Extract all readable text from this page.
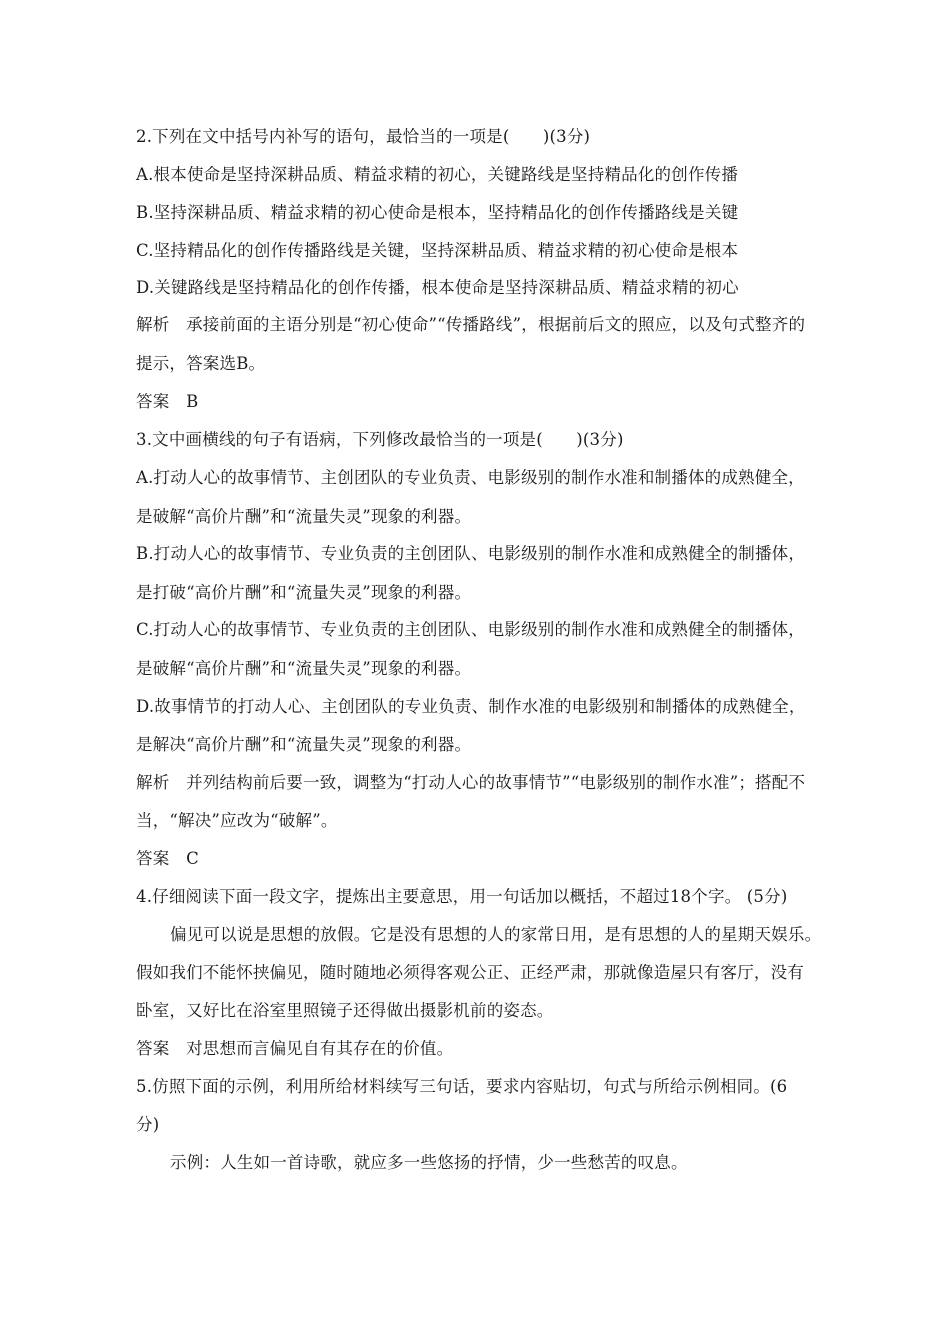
2.下列在文中括号内补写的语句，最恰当的一项是(　　)(3分)
A.根本使命是坚持深耕品质、精益求精的初心，关键路线是坚持精品化的创作传播
B.坚持深耕品质、精益求精的初心使命是根本，坚持精品化的创作传播路线是关键
C.坚持精品化的创作传播路线是关键，坚持深耕品质、精益求精的初心使命是根本
D.关键路线是坚持精品化的创作传播，根本使命是坚持深耕品质、精益求精的初心
解析　承接前面的主语分别是“初心使命”“传播路线”，根据前后文的照应，以及句式整齐的
提示，答案选B。
答案　B
3.文中画横线的句子有语病，下列修改最恰当的一项是(　　)(3分)
A.打动人心的故事情节、主创团队的专业负责、电影级别的制作水准和制播体的成熟健全，
是破解“高价片酬”和“流量失灵”现象的利器。
B.打动人心的故事情节、专业负责的主创团队、电影级别的制作水准和成熟健全的制播体，
是打破“高价片酬”和“流量失灵”现象的利器。
C.打动人心的故事情节、专业负责的主创团队、电影级别的制作水准和成熟健全的制播体，
是破解“高价片酬”和“流量失灵”现象的利器。
D.故事情节的打动人心、主创团队的专业负责、制作水准的电影级别和制播体的成熟健全，
是解决“高价片酬”和“流量失灵”现象的利器。
解析　并列结构前后要一致，调整为“打动人心的故事情节”“电影级别的制作水准”；搭配不
当，“解决”应改为“破解”。
答案　C
4.仔细阅读下面一段文字，提炼出主要意思，用一句话加以概括，不超过18个字。 (5分)
偏见可以说是思想的放假。它是没有思想的人的家常日用，是有思想的人的星期天娱乐。
假如我们不能怀挟偏见，随时随地必须得客观公正、正经严肃，那就像造屋只有客厅，没有
卧室，又好比在浴室里照镜子还得做出摄影机前的姿态。
答案　对思想而言偏见自有其存在的价值。
5.仿照下面的示例，利用所给材料续写三句话，要求内容贴切，句式与所给示例相同。(6
分)
示例：人生如一首诗歌，就应多一些悠扬的抒情，少一些愁苦的叹息。
